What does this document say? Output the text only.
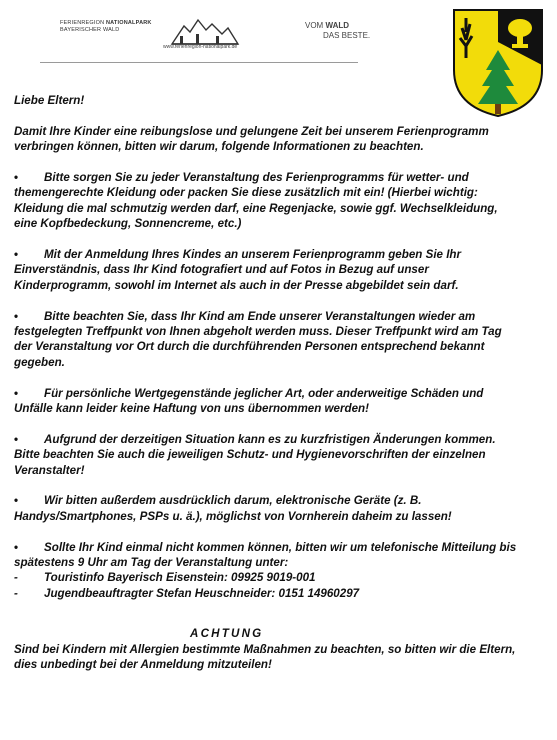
FERIENREGION NATIONALPARK
BAYERISCHER WALD
www.ferienregion-nationalpark.de
VOM WALD
DAS BESTE.

Liebe Eltern!

Damit Ihre Kinder eine reibungslose und gelungene Zeit bei unserem Ferienprogramm
verbringen können, bitten wir darum, folgende Informationen zu beachten.

• Bitte sorgen Sie zu jeder Veranstaltung des Ferienprogramms für wetter- und
themengerechte Kleidung oder packen Sie diese zusätzlich mit ein! (Hierbei wichtig:
Kleidung die mal schmutzig werden darf, eine Regenjacke, sowie ggf. Wechselkleidung,
eine Kopfbedeckung, Sonnencreme, etc.)

• Mit der Anmeldung Ihres Kindes an unserem Ferienprogramm geben Sie Ihr
Einverständnis, dass Ihr Kind fotografiert und auf Fotos in Bezug auf unser
Kinderprogramm, sowohl im Internet als auch in der Presse abgebildet sein darf.

• Bitte beachten Sie, dass Ihr Kind am Ende unserer Veranstaltungen wieder am
festgelegten Treffpunkt von Ihnen abgeholt werden muss. Dieser Treffpunkt wird am Tag
der Veranstaltung vor Ort durch die durchführenden Personen entsprechend bekannt
gegeben.

• Für persönliche Wertgegenstände jeglicher Art, oder anderweitige Schäden und
Unfälle kann leider keine Haftung von uns übernommen werden!

• Aufgrund der derzeitigen Situation kann es zu kurzfristigen Änderungen kommen.
Bitte beachten Sie auch die jeweiligen Schutz- und Hygienevorschriften der einzelnen
Veranstalter!

• Wir bitten außerdem ausdrücklich darum, elektronische Geräte (z. B.
Handys/Smartphones, PSPs u. ä.), möglichst von Vornherein daheim zu lassen!

• Sollte Ihr Kind einmal nicht kommen können, bitten wir um telefonische Mitteilung bis
spätestens 9 Uhr am Tag der Veranstaltung unter:
- Touristinfo Bayerisch Eisenstein: 09925 9019-001
- Jugendbeauftragter Stefan Heuschneider: 0151 14960297
ACHTUNG
Sind bei Kindern mit Allergien bestimmte Maßnahmen zu beachten, so bitten wir die Eltern,
dies unbedingt bei der Anmeldung mitzuteilen!
